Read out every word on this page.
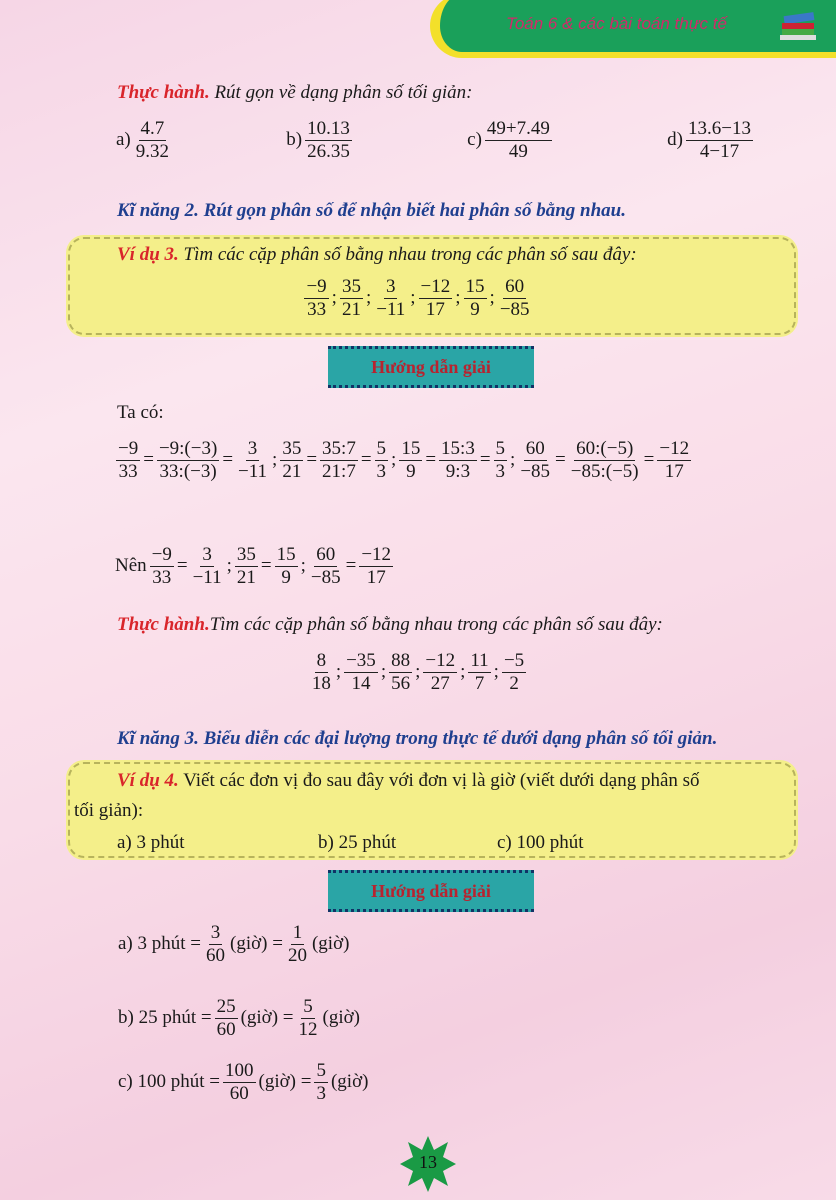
Toán 6 & các bài toán thực tế
Thực hành. Rút gọn về dạng phân số tối giản:
$a) \frac{4.7}{9.32}$	$b) \frac{10.13}{26.35}$	$c) \frac{49+7.49}{49}$	$d) \frac{13.6-13}{4-17}$
Kĩ năng 2. Rút gọn phân số để nhận biết hai phân số bằng nhau.
Ví dụ 3. Tìm các cặp phân số bằng nhau trong các phân số sau đây:
$\frac{-9}{33}$ ; $\frac{35}{21}$ ; $\frac{3}{-11}$ ; $\frac{-12}{17}$ ; $\frac{15}{9}$ ; $\frac{60}{-85}$
Hướng dẫn giải
Ta có:
$\frac{-9}{33} = \frac{-9:(-3)}{33:(-3)} = \frac{3}{-11}$ ; $\frac{35}{21} = \frac{35:7}{21:7} = \frac{5}{3}$ ; $\frac{15}{9} = \frac{15:3}{9:3} = \frac{5}{3}$ ; $\frac{60}{-85} = \frac{60:(-5)}{-85:(-5)} = \frac{-12}{17}$
Nên $\frac{-9}{33} = \frac{3}{-11}$ ; $\frac{35}{21} = \frac{15}{9}$ ; $\frac{60}{-85} = \frac{-12}{17}$
Thực hành.Tìm các cặp phân số bằng nhau trong các phân số sau đây:
$\frac{8}{18}$ ; $\frac{-35}{14}$ ; $\frac{88}{56}$ ; $\frac{-12}{27}$ ; $\frac{11}{7}$ ; $\frac{-5}{2}$
Kĩ năng 3. Biểu diễn các đại lượng trong thực tế dưới dạng phân số tối giản.
Ví dụ 4. Viết các đơn vị đo sau đây với đơn vị là giờ (viết dưới dạng phân số
tối giản):
a) 3 phút	b) 25 phút	c) 100 phút
Hướng dẫn giải
a) 3 phút = $\frac{3}{60}$ (giờ) = $\frac{1}{20}$ (giờ)
b) 25 phút = $\frac{25}{60}$ (giờ) = $\frac{5}{12}$ (giờ)
c) 100 phút = $\frac{100}{60}$ (giờ) = $\frac{5}{3}$ (giờ)
13
